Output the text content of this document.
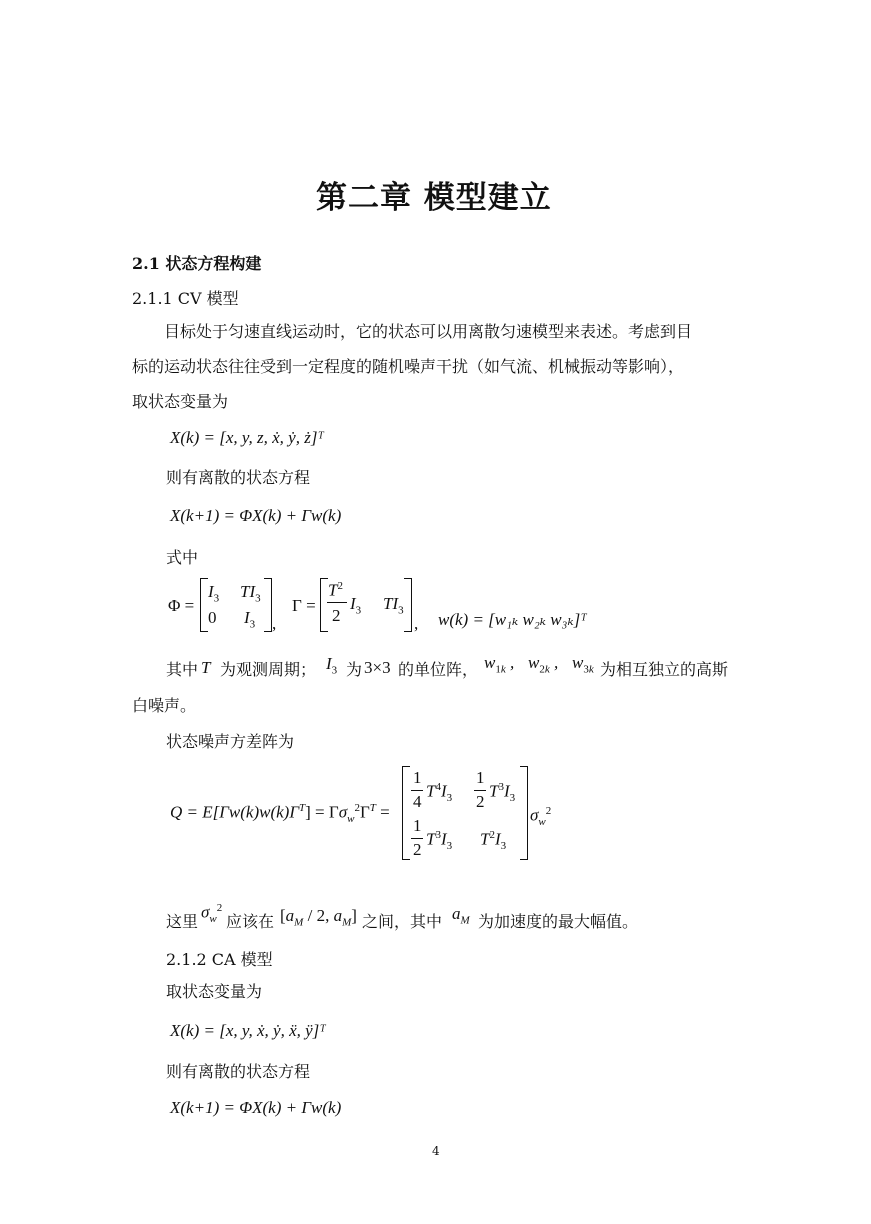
第二章 模型建立
2.1 状态方程构建
2.1.1 CV 模型
目标处于匀速直线运动时，它的状态可以用离散匀速模型来表述。考虑到目
标的运动状态往往受到一定程度的随机噪声干扰（如气流、机械振动等影响），
取状态变量为
X(k) = [x, y, z, ẋ, ẏ, ż]ᵀ
则有离散的状态方程
X(k+1) = ΦX(k) + Γw(k)
式中
Φ =
$I_3$ $TI_3$
0 $I_3$ ,
Γ =
$T^2$
2
$I_3$ $TI_3$
, w(k) = [w₁ₖ w₂ₖ w₃ₖ]ᵀ
其中 T 为观测周期； $I_3$ 为 3×3 的单位阵， $w_{1k}$ , $w_{2k}$ , $w_{3k}$ 为相互独立的高斯
白噪声。
状态噪声方差阵为
$Q = E[\Gamma w(k)w(k)\Gamma^T] = \Gamma\sigma_w^2\Gamma^T$ =
1
4
$T^4I_3$
1
2
$T^3I_3$
1
2
$T^3I_3$ $T^2I_3$
$\sigma_w^2$
这里 $\sigma_w^2$
应该在 [$a_M / 2$, $a_M$] 之间，其中 $a_M$ 为加速度的最大幅值。
2.1.2 CA 模型
取状态变量为
X(k) = [x, y, ẋ, ẏ, ẍ, ÿ]ᵀ
则有离散的状态方程
X(k+1) = ΦX(k) + Γw(k)
4
